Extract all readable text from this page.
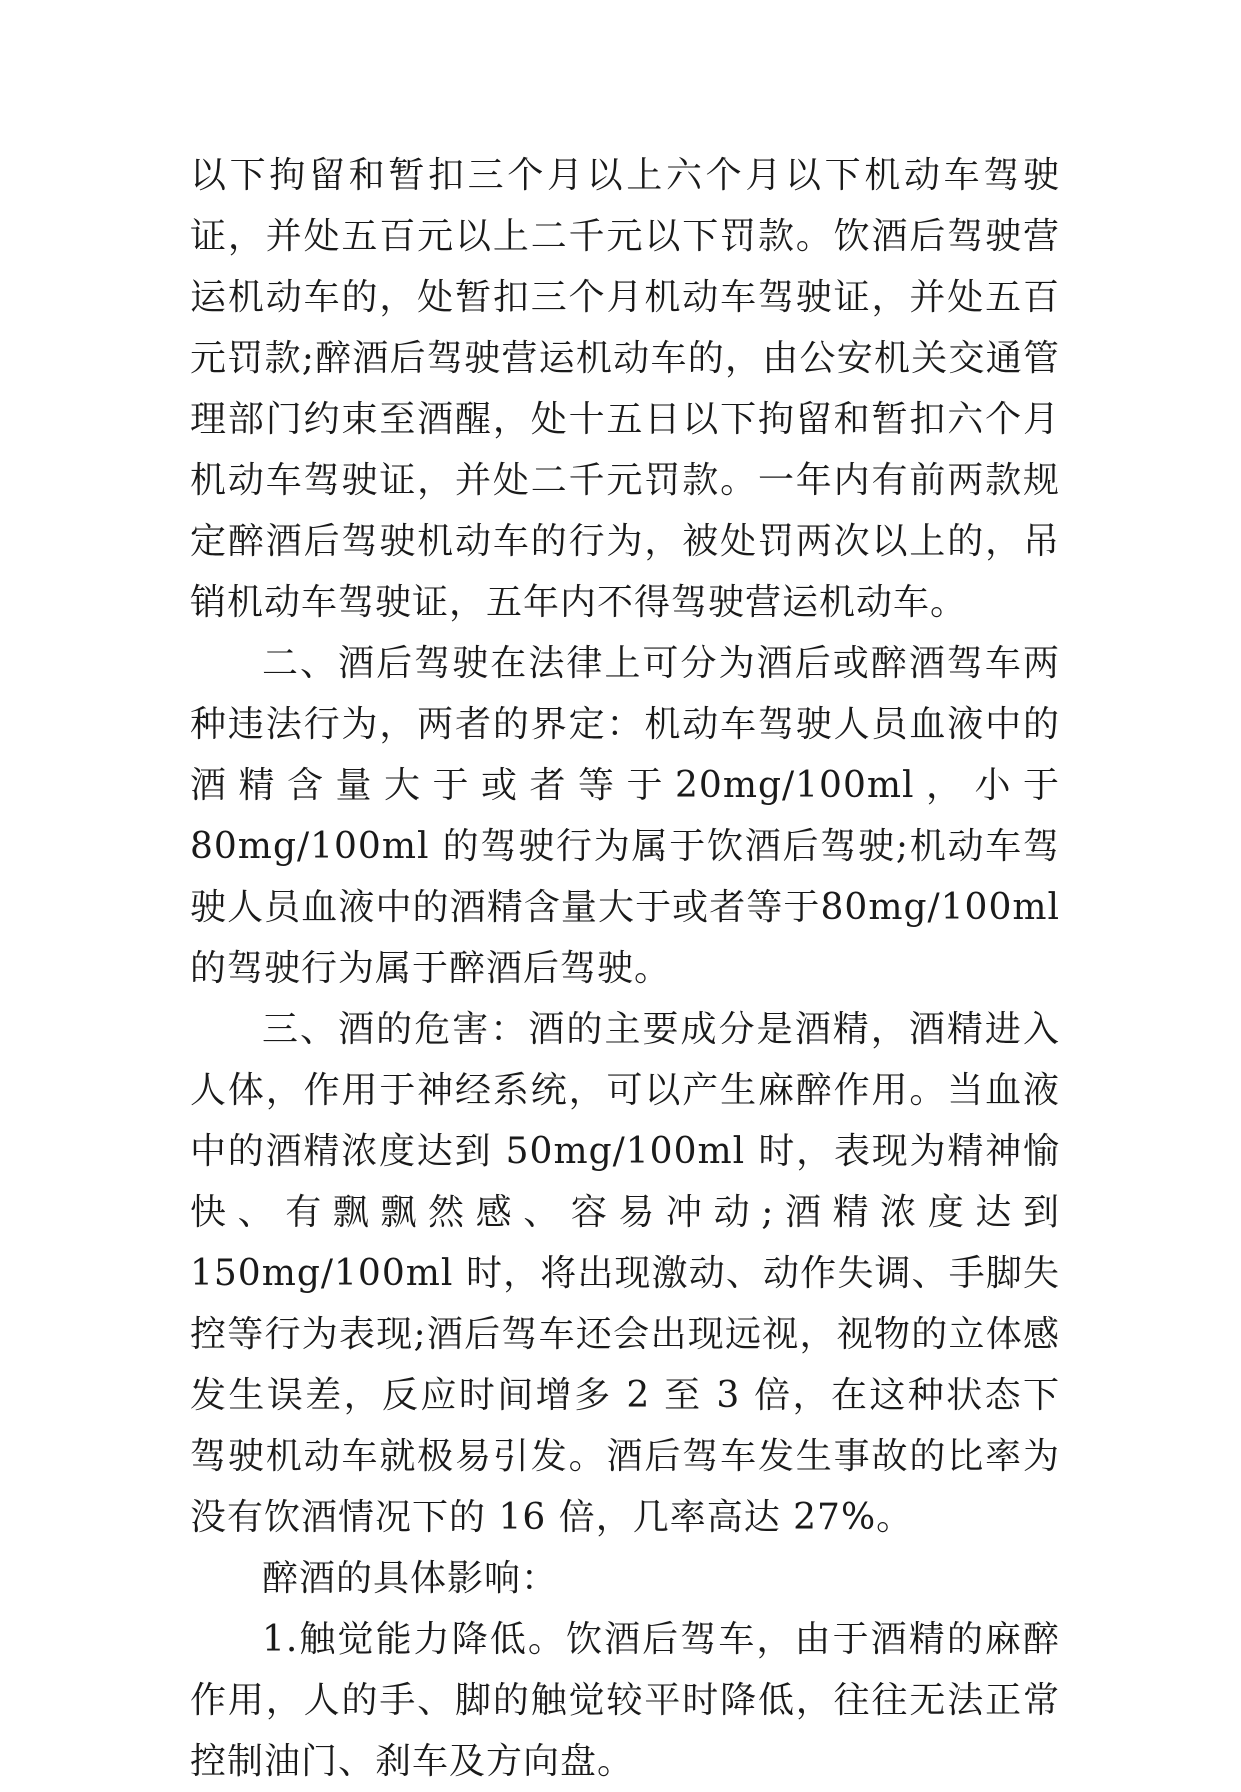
以下拘留和暂扣三个月以上六个月以下机动车驾驶证，并处五百元以上二千元以下罚款。饮酒后驾驶营运机动车的，处暂扣三个月机动车驾驶证，并处五百元罚款;醉酒后驾驶营运机动车的，由公安机关交通管理部门约束至酒醒，处十五日以下拘留和暂扣六个月机动车驾驶证，并处二千元罚款。一年内有前两款规定醉酒后驾驶机动车的行为，被处罚两次以上的，吊销机动车驾驶证，五年内不得驾驶营运机动车。

二、酒后驾驶在法律上可分为酒后或醉酒驾车两种违法行为，两者的界定：机动车驾驶人员血液中的酒精含量大于或者等于20mg/100ml，小于 80mg/100ml 的驾驶行为属于饮酒后驾驶;机动车驾驶人员血液中的酒精含量大于或者等于80mg/100ml 的驾驶行为属于醉酒后驾驶。

三、酒的危害：酒的主要成分是酒精，酒精进入人体，作用于神经系统，可以产生麻醉作用。当血液中的酒精浓度达到 50mg/100ml 时，表现为精神愉快、有飘飘然感、容易冲动;酒精浓度达到 150mg/100ml 时，将出现激动、动作失调、手脚失控等行为表现;酒后驾车还会出现远视，视物的立体感发生误差，反应时间增多 2 至 3 倍，在这种状态下驾驶机动车就极易引发。酒后驾车发生事故的比率为没有饮酒情况下的 16 倍，几率高达 27%。

醉酒的具体影响：

1.触觉能力降低。饮酒后驾车，由于酒精的麻醉作用，人的手、脚的触觉较平时降低，往往无法正常控制油门、刹车及方向盘。
